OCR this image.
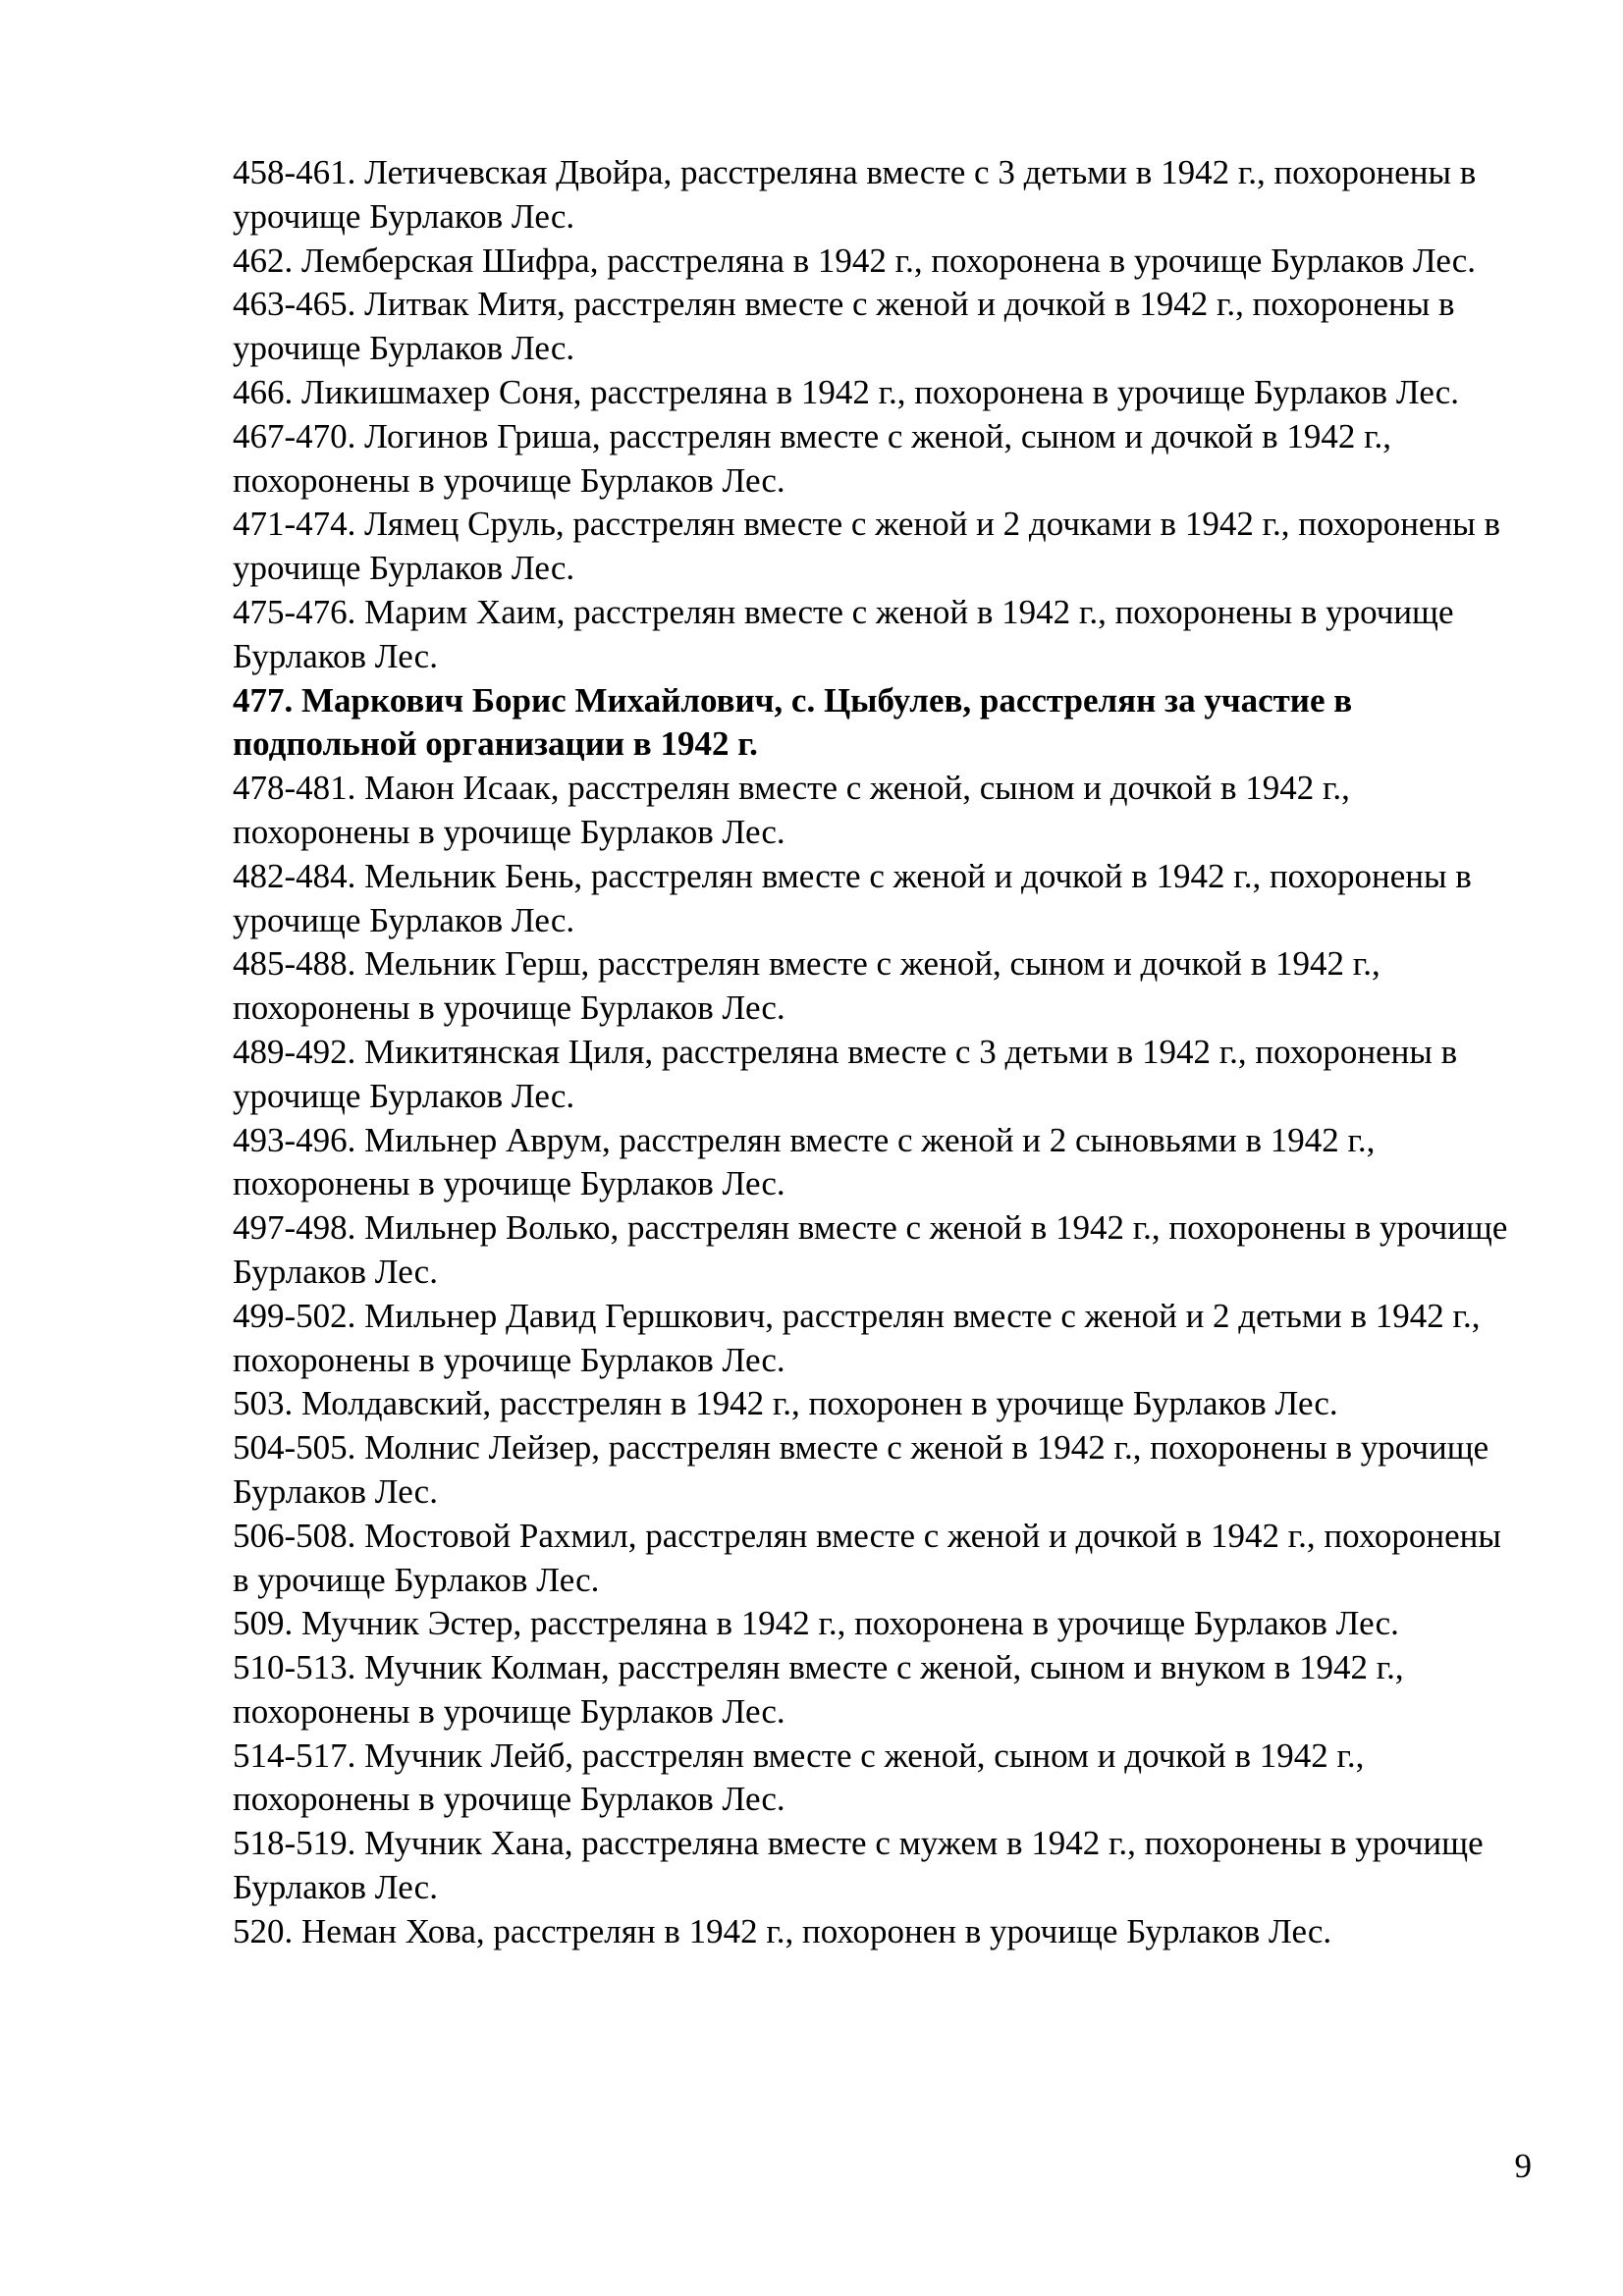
458-461. Летичевская Двойра, расстреляна вместе с 3 детьми в 1942 г., похоронены в урочище Бурлаков Лес.

462. Лемберская Шифра, расстреляна в 1942 г., похоронена в урочище Бурлаков Лес.

463-465. Литвак Митя, расстрелян вместе с женой и дочкой в 1942 г., похоронены в урочище Бурлаков Лес.

466. Ликишмахер Соня, расстреляна в 1942 г., похоронена в урочище Бурлаков Лес.

467-470. Логинов Гриша, расстрелян вместе с женой, сыном и дочкой в 1942 г., похоронены в урочище Бурлаков Лес.

471-474. Лямец Сруль, расстрелян вместе с женой и 2 дочками в 1942 г., похоронены в урочище Бурлаков Лес.

475-476. Марим Хаим, расстрелян вместе с женой в 1942 г., похоронены в урочище Бурлаков Лес.

477. Маркович Борис Михайлович, с. Цыбулев, расстрелян за участие в подпольной организации в 1942 г.

478-481. Маюн Исаак, расстрелян вместе с женой, сыном и дочкой в 1942 г., похоронены в урочище Бурлаков Лес.

482-484. Мельник Бень, расстрелян вместе с женой и дочкой в 1942 г., похоронены в урочище Бурлаков Лес.

485-488. Мельник Герш, расстрелян вместе с женой, сыном и дочкой в 1942 г., похоронены в урочище Бурлаков Лес.

489-492. Микитянская Циля, расстреляна вместе с 3 детьми в 1942 г., похоронены в урочище Бурлаков Лес.

493-496. Мильнер Аврум, расстрелян вместе с женой и 2 сыновьями в 1942 г., похоронены в урочище Бурлаков Лес.

497-498. Мильнер Волько, расстрелян вместе с женой в 1942 г., похоронены в урочище Бурлаков Лес.

499-502. Мильнер Давид Гершкович, расстрелян вместе с женой и 2 детьми в 1942 г., похоронены в урочище Бурлаков Лес.

503. Молдавский, расстрелян в 1942 г., похоронен в урочище Бурлаков Лес.

504-505. Молнис Лейзер, расстрелян вместе с женой в 1942 г., похоронены в урочище Бурлаков Лес.

506-508. Мостовой Рахмил, расстрелян вместе с женой и дочкой в 1942 г., похоронены в урочище Бурлаков Лес.

509. Мучник Эстер, расстреляна в 1942 г., похоронена в урочище Бурлаков Лес.

510-513. Мучник Колман, расстрелян вместе с женой, сыном и внуком в 1942 г., похоронены в урочище Бурлаков Лес.

514-517. Мучник Лейб, расстрелян вместе с женой, сыном и дочкой в 1942 г., похоронены в урочище Бурлаков Лес.

518-519. Мучник Хана, расстреляна вместе с мужем в 1942 г., похоронены в урочище Бурлаков Лес.

520. Неман Хова, расстрелян в 1942 г., похоронен в урочище Бурлаков Лес.

9
